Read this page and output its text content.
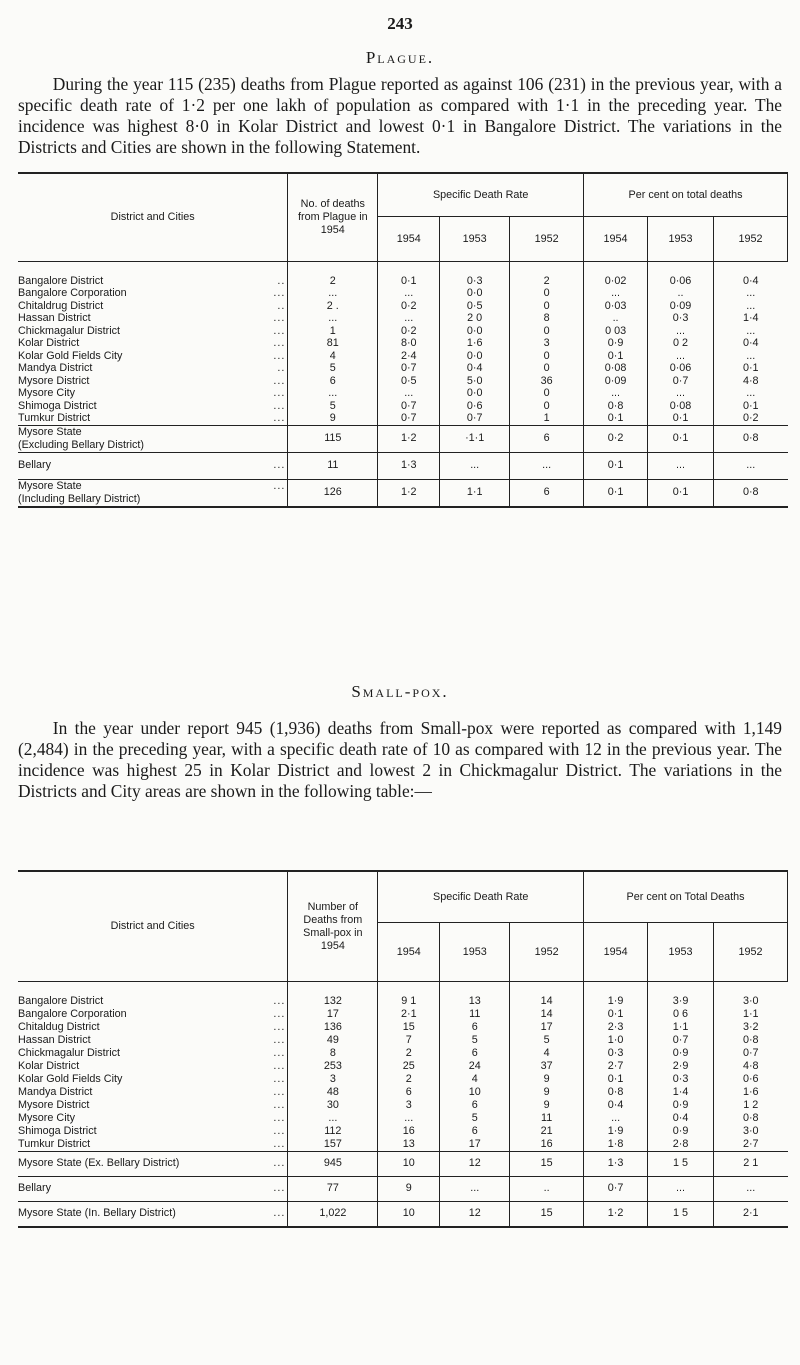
243
Plague.
During the year 115 (235) deaths from Plague reported as against 106 (231) in the previous year, with a specific death rate of 1·2 per one lakh of population as compared with 1·1 in the preceding year. The incidence was highest 8·0 in Kolar District and lowest 0·1 in Bangalore District. The variations in the Districts and Cities are shown in the following Statement.
District and Cities	No. of deaths from Plague in 1954	Specific Death Rate			Per cent on total deaths		
		1954	1953	1952	1954	1953	1952

..
Bangalore District	2	0·1	0·3	2	0·02	0·06	0·4

...
Bangalore Corporation	...	...	0·0	0	...	..	...

..
Chitaldrug District	2 .	0·2	0·5	0	0·03	0·09	...

...
Hassan District	...	...	2 0	8	..	0·3	1·4

...
Chickmagalur District	1	0·2	0·0	0	0 03	...	...

...
Kolar District	81	8·0	1·6	3	0·9	0 2	0·4

...
Kolar Gold Fields City	4	2·4	0·0	0	0·1	...	...

..
Mandya District	5	0·7	0·4	0	0·08	0·06	0·1

...
Mysore District	6	0·5	5·0	36	0·09	0·7	4·8

...
Mysore City	...	...	0·0	0	...	...	...

...
Shimoga District	5	0·7	0·6	0	0·8	0·08	0·1

...
Tumkur District	9	0·7	0·7	1	0·1	0·1	0·2

Mysore State
(Excluding Bellary District)	115	1·2	·1·1	6	0·2	0·1	0·8

...
Bellary	11	1·3	...	...	0·1	...	...

...
Mysore State
(Including Bellary District)	126	1·2	1·1	6	0·1	0·1	0·8
Small-pox.
In the year under report 945 (1,936) deaths from Small-pox were reported as compared with 1,149 (2,484) in the preceding year, with a specific death rate of 10 as compared with 12 in the previous year. The incidence was highest 25 in Kolar District and lowest 2 in Chickmagalur District. The variations in the Districts and City areas are shown in the following table:—
District and Cities	Number of Deaths from Small-pox in 1954	Specific Death Rate			Per cent on Total Deaths		
		1954	1953	1952	1954	1953	1952

...
Bangalore District	132	9 1	13	14	1·9	3·9	3·0

...
Bangalore Corporation	17	2·1	11	14	0·1	0 6	1·1

...
Chitaldug District	136	15	6	17	2·3	1·1	3·2

...
Hassan District	49	7	5	5	1·0	0·7	0·8

...
Chickmagalur District	8	2	6	4	0·3	0·9	0·7

...
Kolar District	253	25	24	37	2·7	2·9	4·8

...
Kolar Gold Fields City	3	2	4	9	0·1	0·3	0·6

...
Mandya District	48	6	10	9	0·8	1·4	1·6

...
Mysore District	30	3	6	9	0·4	0·9	1 2

...
Mysore City	...	...	5	11	...	0·4	0·8

...
Shimoga District	112	16	6	21	1·9	0·9	3·0

...
Tumkur District	157	13	17	16	1·8	2·8	2·7

...
Mysore State (Ex. Bellary District)	945	10	12	15	1·3	1 5	2 1

...
Bellary	77	9	...	..	0·7	...	...

...
Mysore State (In. Bellary District)	1,022	10	12	15	1·2	1 5	2·1
